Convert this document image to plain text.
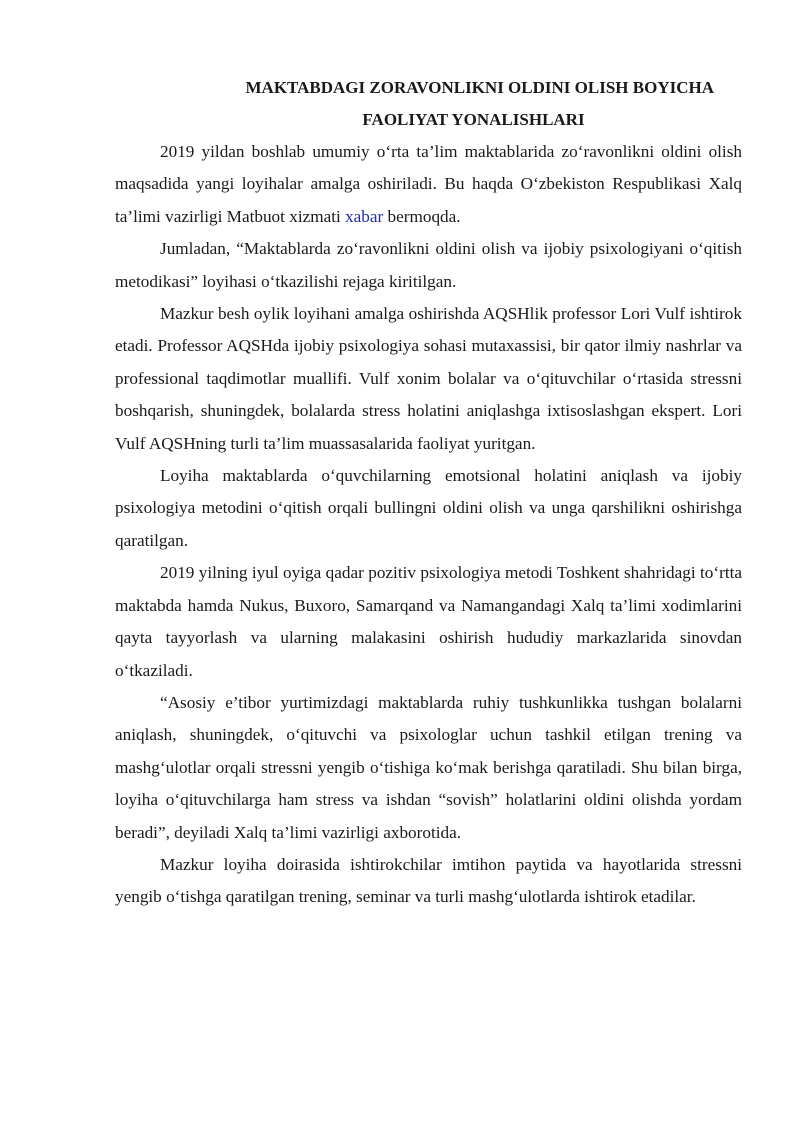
MAKTABDAGI ZORAVONLIKNI OLDINI OLISH BOYICHA
FAOLIYAT YONALISHLARI

2019 yildan boshlab umumiy o‘rta ta’lim maktablarida zo‘ravonlikni oldini olish maqsadida yangi loyihalar amalga oshiriladi. Bu haqda O‘zbekiston Respublikasi Xalq ta’limi vazirligi Matbuot xizmati xabar bermoqda.

Jumladan, “Maktablarda zo‘ravonlikni oldini olish va ijobiy psixologiyani o‘qitish metodikasi” loyihasi o‘tkazilishi rejaga kiritilgan.

Mazkur besh oylik loyihani amalga oshirishda AQSHlik professor Lori Vulf ishtirok etadi. Professor AQSHda ijobiy psixologiya sohasi mutaxassisi, bir qator ilmiy nashrlar va professional taqdimotlar muallifi. Vulf xonim bolalar va o‘qituvchilar o‘rtasida stressni boshqarish, shuningdek, bolalarda stress holatini aniqlashga ixtisoslashgan ekspert. Lori Vulf AQSHning turli ta’lim muassasalarida faoliyat yuritgan.

Loyiha maktablarda o‘quvchilarning emotsional holatini aniqlash va ijobiy psixologiya metodini o‘qitish orqali bullingni oldini olish va unga qarshilikni oshirishga qaratilgan.

2019 yilning iyul oyiga qadar pozitiv psixologiya metodi Toshkent shahridagi to‘rtta maktabda hamda Nukus, Buxoro, Samarqand va Namangandagi Xalq ta’limi xodimlarini qayta tayyorlash va ularning malakasini oshirish hududiy markazlarida sinovdan o‘tkaziladi.

“Asosiy e’tibor yurtimizdagi maktablarda ruhiy tushkunlikka tushgan bolalarni aniqlash, shuningdek, o‘qituvchi va psixologlar uchun tashkil etilgan trening va mashg‘ulotlar orqali stressni yengib o‘tishiga ko‘mak berishga qaratiladi. Shu bilan birga, loyiha o‘qituvchilarga ham stress va ishdan “sovish” holatlarini oldini olishda yordam beradi”, deyiladi Xalq ta’limi vazirligi axborotida.

Mazkur loyiha doirasida ishtirokchilar imtihon paytida va hayotlarida stressni yengib o‘tishga qaratilgan trening, seminar va turli mashg‘ulotlarda ishtirok etadilar.
